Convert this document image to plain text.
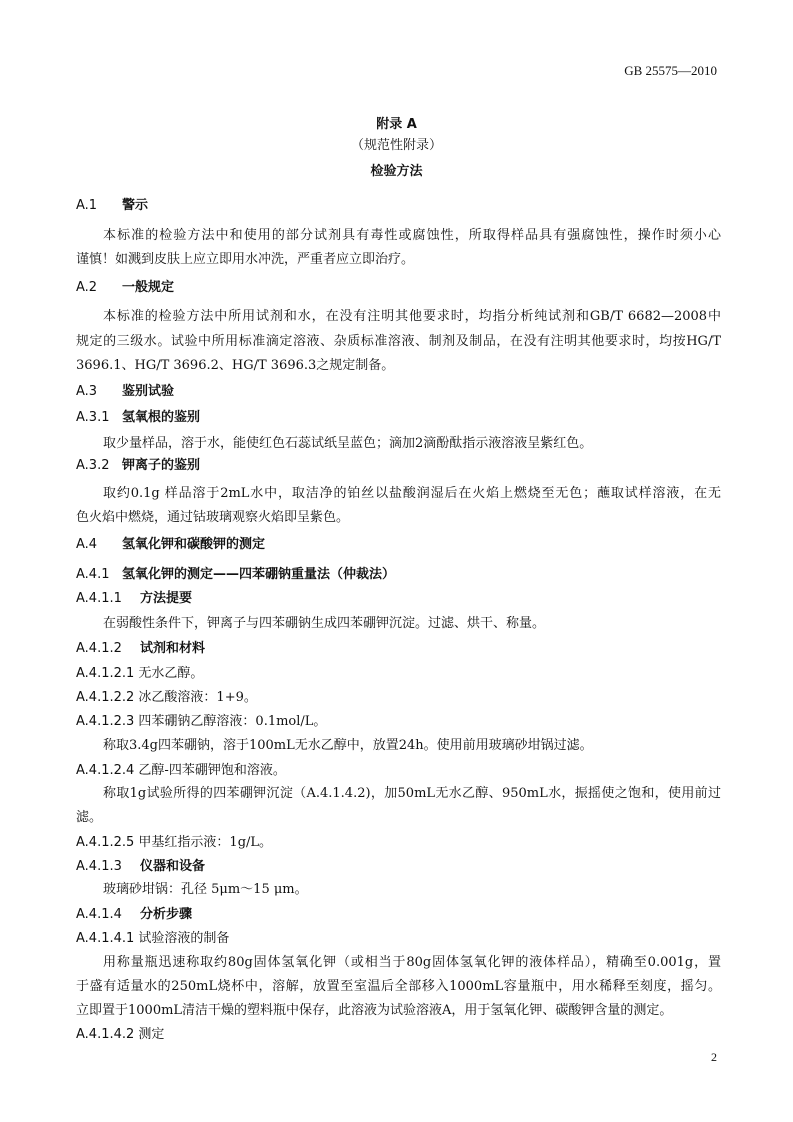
GB 25575—2010
附录 A
（规范性附录）
检验方法
A.1 警示
本标准的检验方法中和使用的部分试剂具有毒性或腐蚀性，所取得样品具有强腐蚀性，操作时须小心
谨慎！如溅到皮肤上应立即用水冲洗，严重者应立即治疗。
A.2 一般规定
本标准的检验方法中所用试剂和水，在没有注明其他要求时，均指分析纯试剂和GB/T 6682—2008中
规定的三级水。试验中所用标准滴定溶液、杂质标准溶液、制剂及制品，在没有注明其他要求时，均按HG/T
3696.1、HG/T 3696.2、HG/T 3696.3之规定制备。
A.3 鉴别试验
A.3.1 氢氧根的鉴别
取少量样品，溶于水，能使红色石蕊试纸呈蓝色；滴加2滴酚酞指示液溶液呈紫红色。
A.3.2 钾离子的鉴别
取约0.1g 样品溶于2mL水中，取洁净的铂丝以盐酸润湿后在火焰上燃烧至无色；蘸取试样溶液，在无
色火焰中燃烧，通过钴玻璃观察火焰即呈紫色。
A.4 氢氧化钾和碳酸钾的测定
A.4.1 氢氧化钾的测定——四苯硼钠重量法（仲裁法）
A.4.1.1 方法提要
在弱酸性条件下，钾离子与四苯硼钠生成四苯硼钾沉淀。过滤、烘干、称量。
A.4.1.2 试剂和材料
A.4.1.2.1 无水乙醇。
A.4.1.2.2 冰乙酸溶液：1+9。
A.4.1.2.3 四苯硼钠乙醇溶液：0.1mol/L。
称取3.4g四苯硼钠，溶于100mL无水乙醇中，放置24h。使用前用玻璃砂坩锅过滤。
A.4.1.2.4 乙醇-四苯硼钾饱和溶液。
称取1g试验所得的四苯硼钾沉淀（A.4.1.4.2)，加50mL无水乙醇、950mL水，振摇使之饱和，使用前过
滤。
A.4.1.2.5 甲基红指示液：1g/L。
A.4.1.3 仪器和设备
玻璃砂坩锅：孔径 5μm～15 μm。
A.4.1.4 分析步骤
A.4.1.4.1 试验溶液的制备
用称量瓶迅速称取约80g固体氢氧化钾（或相当于80g固体氢氧化钾的液体样品），精确至0.001g，置
于盛有适量水的250mL烧杯中，溶解，放置至室温后全部移入1000mL容量瓶中，用水稀释至刻度，摇匀。
立即置于1000mL清洁干燥的塑料瓶中保存，此溶液为试验溶液A，用于氢氧化钾、碳酸钾含量的测定。
A.4.1.4.2 测定
2
